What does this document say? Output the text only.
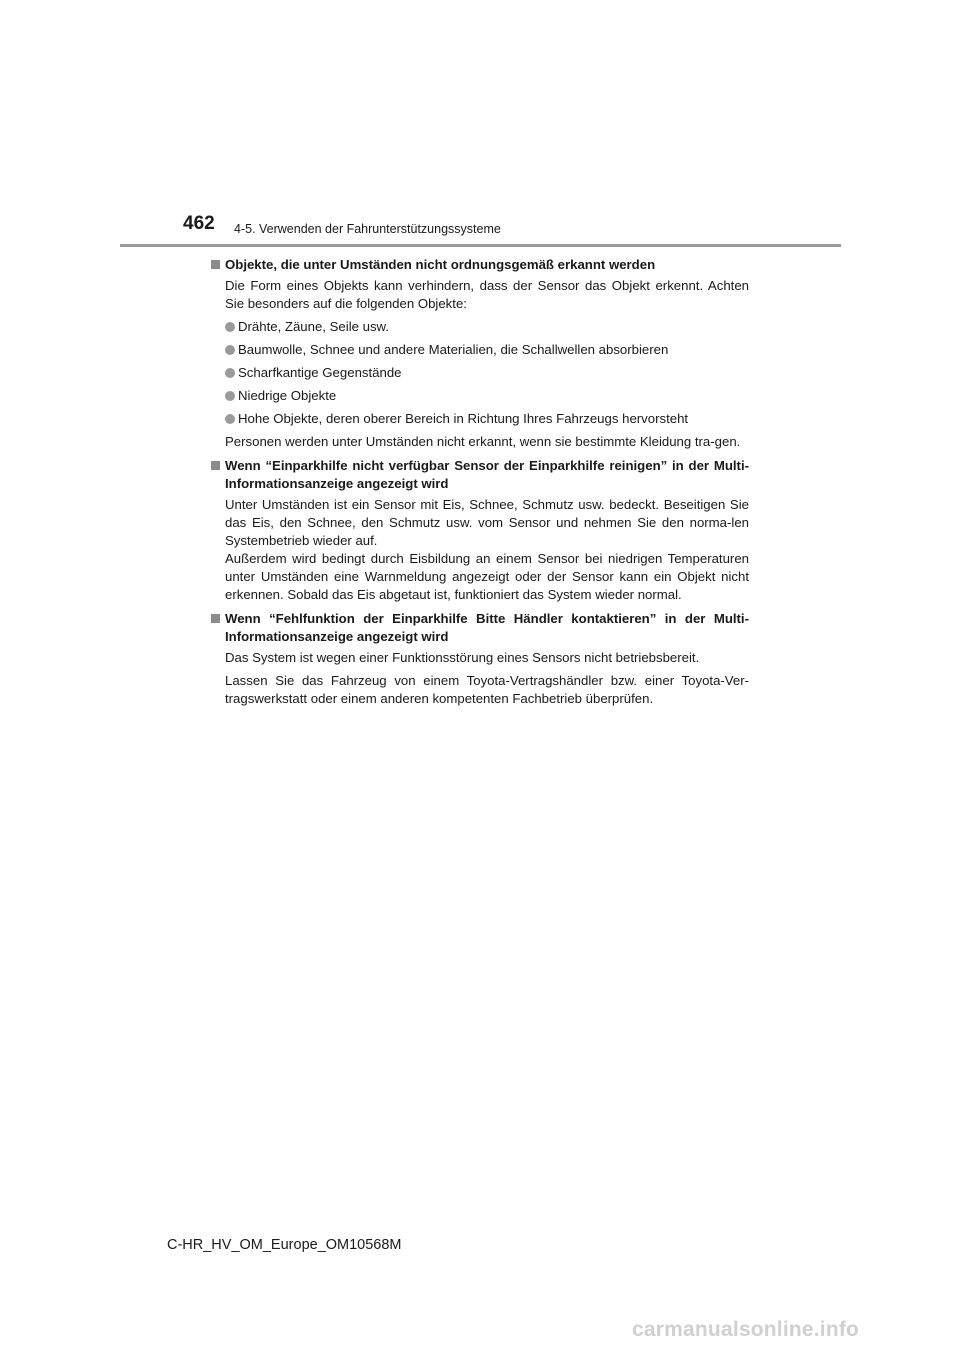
462 4-5. Verwenden der Fahrunterstützungssysteme
Objekte, die unter Umständen nicht ordnungsgemäß erkannt werden
Die Form eines Objekts kann verhindern, dass der Sensor das Objekt erkennt. Achten Sie besonders auf die folgenden Objekte:
Drähte, Zäune, Seile usw.
Baumwolle, Schnee und andere Materialien, die Schallwellen absorbieren
Scharfkantige Gegenstände
Niedrige Objekte
Hohe Objekte, deren oberer Bereich in Richtung Ihres Fahrzeugs hervorsteht
Personen werden unter Umständen nicht erkannt, wenn sie bestimmte Kleidung tra-gen.
Wenn “Einparkhilfe nicht verfügbar Sensor der Einparkhilfe reinigen” in der Multi-Informationsanzeige angezeigt wird
Unter Umständen ist ein Sensor mit Eis, Schnee, Schmutz usw. bedeckt. Beseitigen Sie das Eis, den Schnee, den Schmutz usw. vom Sensor und nehmen Sie den norma-len Systembetrieb wieder auf.
Außerdem wird bedingt durch Eisbildung an einem Sensor bei niedrigen Temperaturen unter Umständen eine Warnmeldung angezeigt oder der Sensor kann ein Objekt nicht erkennen. Sobald das Eis abgetaut ist, funktioniert das System wieder normal.
Wenn “Fehlfunktion der Einparkhilfe Bitte Händler kontaktieren” in der Multi-Informationsanzeige angezeigt wird
Das System ist wegen einer Funktionsstörung eines Sensors nicht betriebsbereit.
Lassen Sie das Fahrzeug von einem Toyota-Vertragshändler bzw. einer Toyota-Ver-tragswerkstatt oder einem anderen kompetenten Fachbetrieb überprüfen.
C-HR_HV_OM_Europe_OM10568M
carmanualsonline.info
